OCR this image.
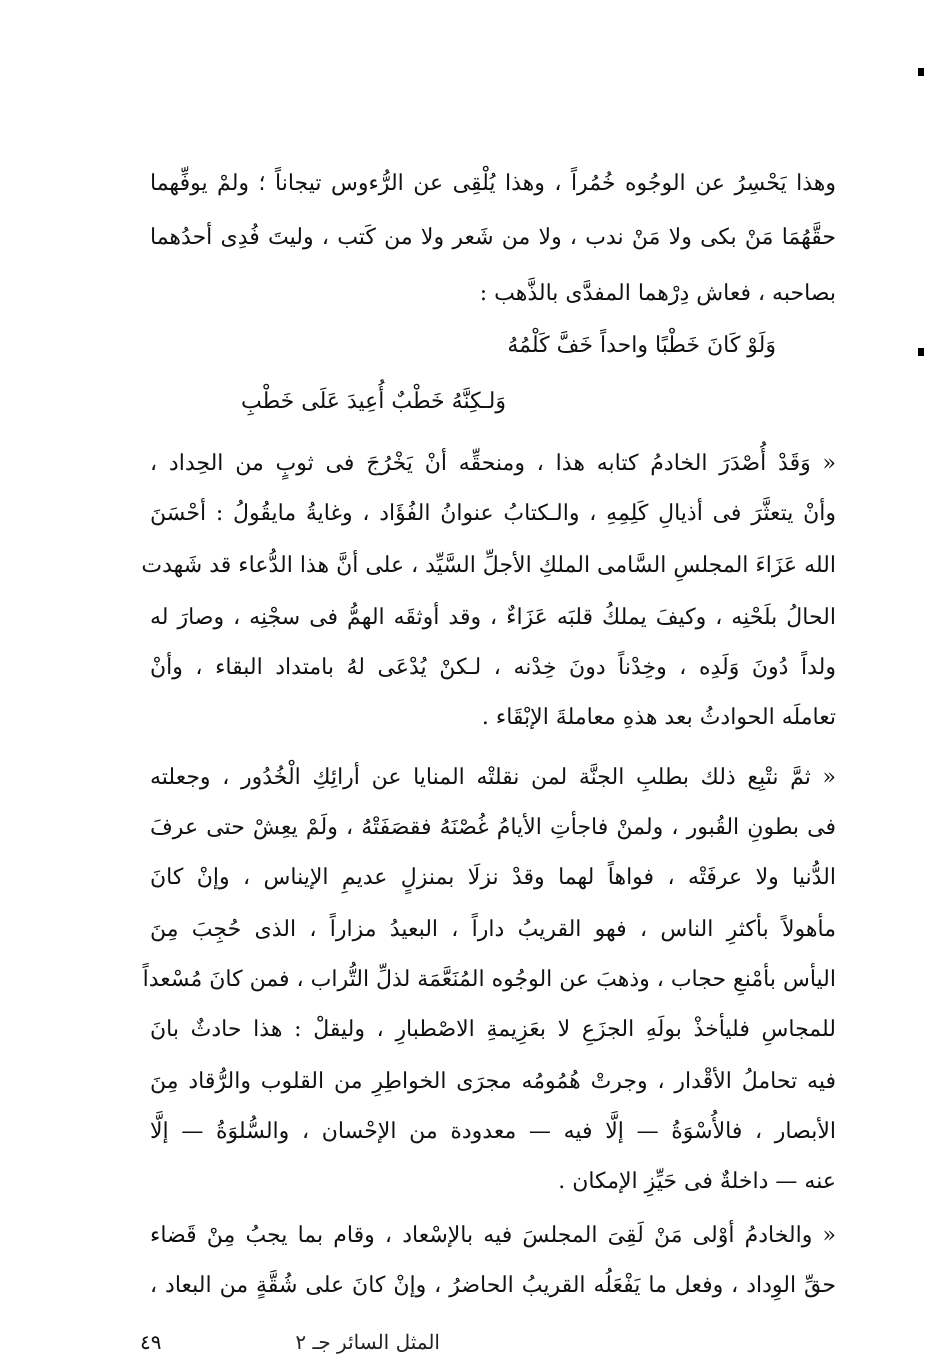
وهذا يَحْسِرُ عن الوجُوه خُمُراً ، وهذا يُلْقِى عن الرُّءوس تيجاناً ؛ ولمْ يوفِّهما
حقَّهُمَا مَنْ بكى ولا مَنْ ندب ، ولا من شَعر ولا من كَتب ، وليتَ فُدِى أحدُهما
بصاحبه ، فعاش دِرْهما المفدَّى بالذَّهب :
وَلَوْ كَانَ خَطْبًا واحداً خَفَّ كَلْمُهُ
وَلـكِنَّهُ خَطْبٌ أُعِيدَ عَلَى خَطْبِ
« وَقَدْ أُصْدَرَ الخادمُ كتابه هذا ، ومنحقِّه أنْ يَخْرُجَ فى ثوبٍ من الحِداد ،
وأنْ يتعثَّرَ فى أذيالِ كَلِمِهِ ، والـكتابُ عنوانُ الفُؤَاد ، وغايةُ مايقُولُ : أحْسَنَ
الله عَزَاءَ المجلسِ السَّامى الملكِ الأجلِّ السَّيِّد ، على أنَّ هذا الدُّعاء قد شَهدت
الحالُ بلَحْنِه ، وكيفَ يملكُ قلبَه عَزَاءٌ ، وقد أوثقَه الهمُّ فى سجْنِه ، وصارَ له
ولداً دُونَ وَلَدِه ، وخِدْناً دونَ خِدْنه ، لـكنْ يُدْعَى لهُ بامتداد البقاء ، وأنْ
تعاملَه الحوادثُ بعد هذهِ معاملةَ الإبْقَاء .
« ثمَّ نتْبِع ذلك بطلبِ الجنَّة لمن نقلتْه المنايا عن أرائِكِ الْخُدُور ، وجعلته
فى بطونِ القُبور ، ولمنْ فاجأتِ الأيامُ غُصْنَهُ فقصَفَتْهُ ، ولَمْ يعِشْ حتى عرفَ
الدُّنيا ولا عرفَتْه ، فواهاً لهما وقدْ نزلَا بمنزلٍ عديمِ الإيناس ، وإنْ كانَ
مأهولاً بأكثرِ الناس ، فهو القريبُ داراً ، البعيدُ مزاراً ، الذى حُجِبَ مِنَ
اليأس بأمْنعِ حجاب ، وذهبَ عن الوجُوه المُنَعَّمَة لذلِّ التُّراب ، فمن كانَ مُسْعداً
للمجاسِ فليأخذْ بولَهِ الجزَعِ لا بعَزِيمةِ الاصْطبارِ ، وليقلْ : هذا حادثٌ بانَ
فيه تحاملُ الأقْدار ، وجرتْ هُمُومُه مجرَى الخواطِرِ من القلوب والرُّقاد مِنَ
الأبصار ، فالأُسْوَةُ — إلَّا فيه — معدودة من الإحْسان ، والسُّلوَةُ — إلَّا
عنه — داخلةٌ فى حَيِّزِ الإمكان .
« والخادمُ أوْلى مَنْ لَقِىَ المجلسَ فيه بالإسْعاد ، وقام بما يجبُ مِنْ قَضاء
حقِّ الوِداد ، وفعل ما يَفْعَلُه القريبُ الحاضرُ ، وإنْ كانَ على شُقَّةٍ من البعاد ،
المثل السائر جـ ٢
٤٩
